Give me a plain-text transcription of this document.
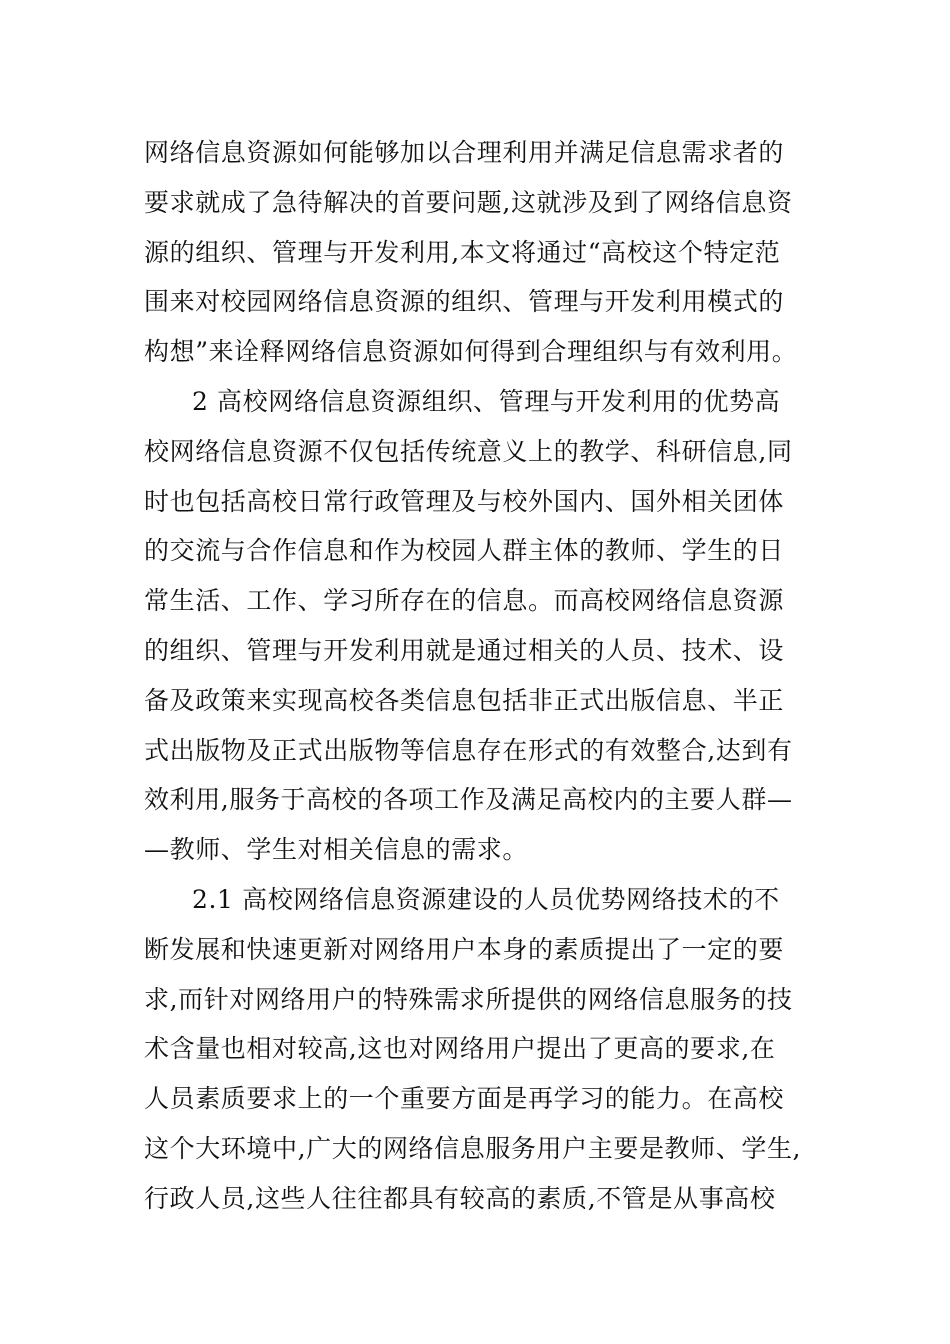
网络信息资源如何能够加以合理利用并满足信息需求者的
要求就成了急待解决的首要问题,这就涉及到了网络信息资
源的组织、管理与开发利用,本文将通过“高校这个特定范
围来对校园网络信息资源的组织、管理与开发利用模式的
构想”来诠释网络信息资源如何得到合理组织与有效利用。
2 高校网络信息资源组织、管理与开发利用的优势高
校网络信息资源不仅包括传统意义上的教学、科研信息,同
时也包括高校日常行政管理及与校外国内、国外相关团体
的交流与合作信息和作为校园人群主体的教师、学生的日
常生活、工作、学习所存在的信息。而高校网络信息资源
的组织、管理与开发利用就是通过相关的人员、技术、设
备及政策来实现高校各类信息包括非正式出版信息、半正
式出版物及正式出版物等信息存在形式的有效整合,达到有
效利用,服务于高校的各项工作及满足高校内的主要人群—
—教师、学生对相关信息的需求。
2.1 高校网络信息资源建设的人员优势网络技术的不
断发展和快速更新对网络用户本身的素质提出了一定的要
求,而针对网络用户的特殊需求所提供的网络信息服务的技
术含量也相对较高,这也对网络用户提出了更高的要求,在
人员素质要求上的一个重要方面是再学习的能力。在高校
这个大环境中,广大的网络信息服务用户主要是教师、学生,
行政人员,这些人往往都具有较高的素质,不管是从事高校
